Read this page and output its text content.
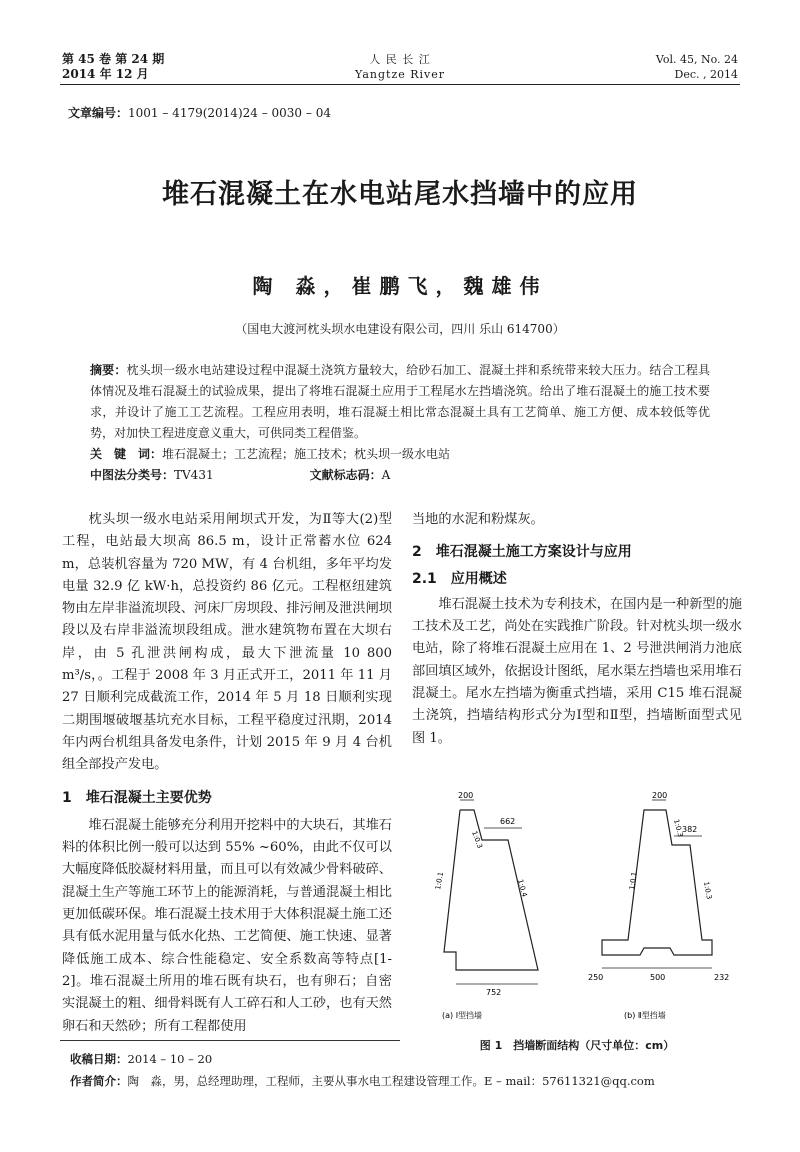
第 45 卷 第 24 期
2014 年 12 月
人 民 长 江
Yangtze River
Vol. 45, No. 24
Dec. , 2014
文章编号：1001 – 4179(2014)24 – 0030 – 04
堆石混凝土在水电站尾水挡墙中的应用
陶 淼，崔鹏飞，魏雄伟
（国电大渡河枕头坝水电建设有限公司，四川 乐山 614700）
摘要：枕头坝一级水电站建设过程中混凝土浇筑方量较大，给砂石加工、混凝土拌和系统带来较大压力。结合工程具体情况及堆石混凝土的试验成果，提出了将堆石混凝土应用于工程尾水左挡墙浇筑。给出了堆石混凝土的施工技术要求，并设计了施工工艺流程。工程应用表明，堆石混凝土相比常态混凝土具有工艺简单、施工方便、成本较低等优势，对加快工程进度意义重大，可供同类工程借鉴。
关　键　词：堆石混凝土；工艺流程；施工技术；枕头坝一级水电站
中图法分类号：TV431	文献标志码：A

枕头坝一级水电站采用闸坝式开发，为Ⅱ等大(2)型工程，电站最大坝高 86.5 m，设计正常蓄水位 624 m，总装机容量为 720 MW，有 4 台机组，多年平均发电量 32.9 亿 kW·h，总投资约 86 亿元。工程枢纽建筑物由左岸非溢流坝段、河床厂房坝段、排污闸及泄洪闸坝段以及右岸非溢流坝段组成。泄水建筑物布置在大坝右岸，由 5 孔泄洪闸构成，最大下泄流量 10 800 m³/s，。工程于 2008 年 3 月正式开工，2011 年 11 月 27 日顺利完成截流工作，2014 年 5 月 18 日顺利实现二期围堰破堰基坑充水目标，工程平稳度过汛期，2014 年内两台机组具备发电条件，计划 2015 年 9 月 4 台机组全部投产发电。

1　堆石混凝土主要优势

堆石混凝土能够充分利用开挖料中的大块石，其堆石料的体积比例一般可以达到 55% ~60%，由此不仅可以大幅度降低胶凝材料用量，而且可以有效减少骨料破碎、混凝土生产等施工环节上的能源消耗，与普通混凝土相比更加低碳环保。堆石混凝土技术用于大体积混凝土施工还具有低水泥用量与低水化热、工艺简便、施工快速、显著降低施工成本、综合性能稳定、安全系数高等特点[1-2]。堆石混凝土所用的堆石既有块石，也有卵石；自密实混凝土的粗、细骨料既有人工碎石和人工砂，也有天然卵石和天然砂；所有工程都使用

当地的水泥和粉煤灰。
2　堆石混凝土施工方案设计与应用
2.1　应用概述

堆石混凝土技术为专利技术，在国内是一种新型的施工技术及工艺，尚处在实践推广阶段。针对枕头坝一级水电站，除了将堆石混凝土应用在 1、2 号泄洪闸消力池底部回填区域外，依据设计图纸，尾水渠左挡墙也采用堆石混凝土。尾水左挡墙为衡重式挡墙，采用 C15 堆石混凝土浇筑，挡墙结构形式分为Ⅰ型和Ⅱ型，挡墙断面型式见图 1。

200
662
752
1:0.3
1:0.1	1:0.4
(a) Ⅰ型挡墙
200
382
250	500	232
1:0.3
1:0.1
1:0.3
(b) Ⅱ型挡墙
图 1　挡墙断面结构（尺寸单位：cm）
收稿日期：2014 – 10 – 20
作者简介：陶　淼，男，总经理助理，工程师，主要从事水电工程建设管理工作。E – mail：57611321@qq.com
